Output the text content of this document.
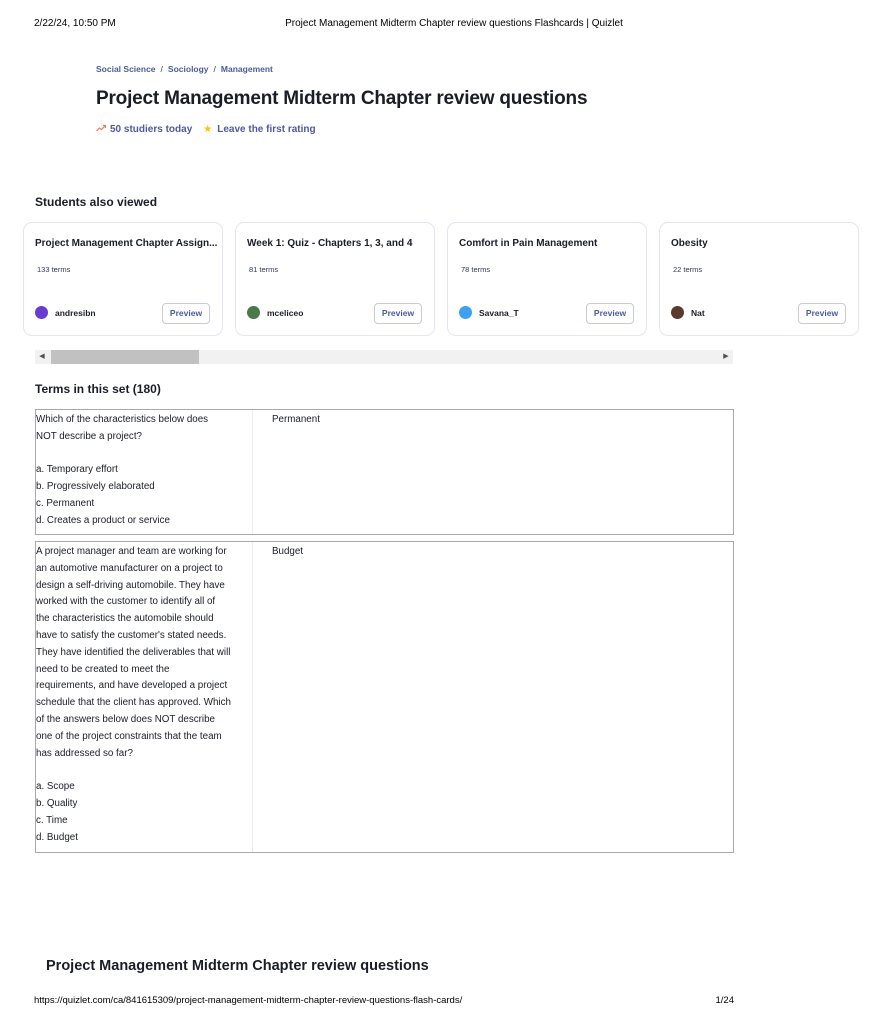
2/22/24, 10:50 PM	Project Management Midterm Chapter review questions Flashcards | Quizlet
Social Science / Sociology / Management
Project Management Midterm Chapter review questions
50 studiers today ★ Leave the first rating
Students also viewed
Project Management Chapter Assign...
133 terms
andresibn	Preview
Week 1: Quiz - Chapters 1, 3, and 4
81 terms
mceliceo	Preview
Comfort in Pain Management
78 terms
Savana_T	Preview
Obesity
22 terms
Nat	Preview
◀	▶
Terms in this set (180)
Which of the characteristics below does
NOT describe a project?

a. Temporary effort
b. Progressively elaborated
c. Permanent
d. Creates a product or service
Permanent
A project manager and team are working for
an automotive manufacturer on a project to
design a self-driving automobile. They have
worked with the customer to identify all of
the characteristics the automobile should
have to satisfy the customer's stated needs.
They have identified the deliverables that will
need to be created to meet the
requirements, and have developed a project
schedule that the client has approved. Which
of the answers below does NOT describe
one of the project constraints that the team
has addressed so far?

a. Scope
b. Quality
c. Time
d. Budget
Budget
Project Management Midterm Chapter review questions
https://quizlet.com/ca/841615309/project-management-midterm-chapter-review-questions-flash-cards/	1/24
